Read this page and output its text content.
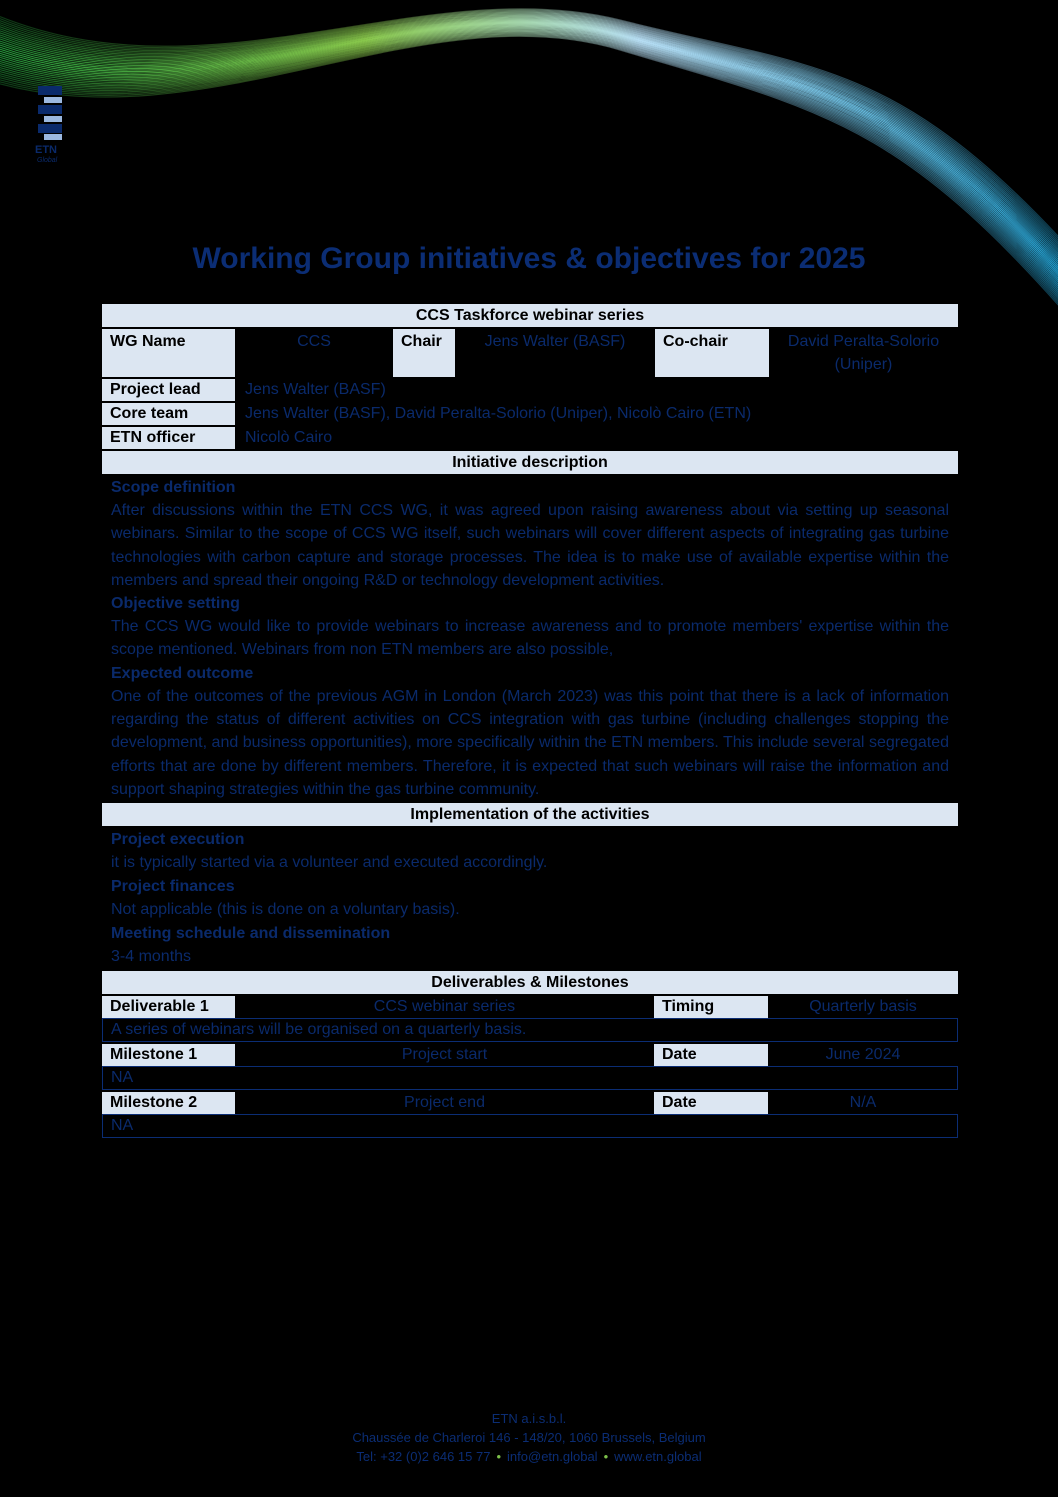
ETN
Global
Working Group initiatives & objectives for 2025
CCS Taskforce webinar series
WG Name	CCS	Chair	Jens Walter (BASF)	Co-chair	David Peralta-Solorio (Uniper)
Project lead	Jens Walter (BASF)
Core team	Jens Walter (BASF), David Peralta-Solorio (Uniper), Nicolò Cairo (ETN)
ETN officer	Nicolò Cairo
Initiative description
Scope definition
After discussions within the ETN CCS WG, it was agreed upon raising awareness about via setting up seasonal webinars. Similar to the scope of CCS WG itself, such webinars will cover different aspects of integrating gas turbine technologies with carbon capture and storage processes. The idea is to make use of available expertise within the members and spread their ongoing R&D or technology development activities.
Objective setting
The CCS WG would like to provide webinars to increase awareness and to promote members' expertise within the scope mentioned. Webinars from non ETN members are also possible,
Expected outcome
One of the outcomes of the previous AGM in London (March 2023) was this point that there is a lack of information regarding the status of different activities on CCS integration with gas turbine (including challenges stopping the development, and business opportunities), more specifically within the ETN members. This include several segregated efforts that are done by different members. Therefore, it is expected that such webinars will raise the information and support shaping strategies within the gas turbine community.
Implementation of the activities
Project execution
it is typically started via a volunteer and executed accordingly.
Project finances
Not applicable (this is done on a voluntary basis).
Meeting schedule and dissemination
3-4 months
Deliverables & Milestones
Deliverable 1	CCS webinar series	Timing	Quarterly basis
A series of webinars will be organised on a quarterly basis.
Milestone 1	Project start	Date	June 2024
NA
Milestone 2	Project end	Date	N/A
NA
ETN a.i.s.b.l.
Chaussée de Charleroi 146 - 148/20, 1060 Brussels, Belgium
Tel: +32 (0)2 646 15 77 • info@etn.global • www.etn.global
